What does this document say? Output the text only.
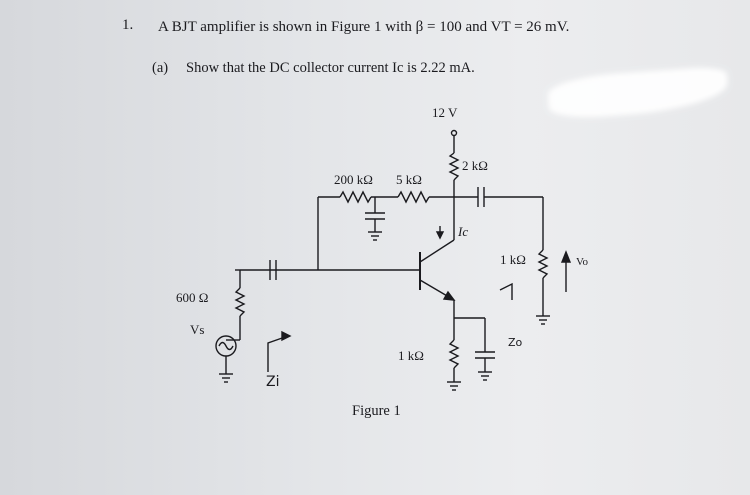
1. A BJT amplifier is shown in Figure 1 with β = 100 and VT = 26 mV.
(a) Show that the DC collector current Ic is 2.22 mA.
12 V
2 kΩ
200 kΩ 5 kΩ
Ic
1 kΩ	Vo
600 Ω
Vs
1 kΩ
Zi
Zo
Figure 1
